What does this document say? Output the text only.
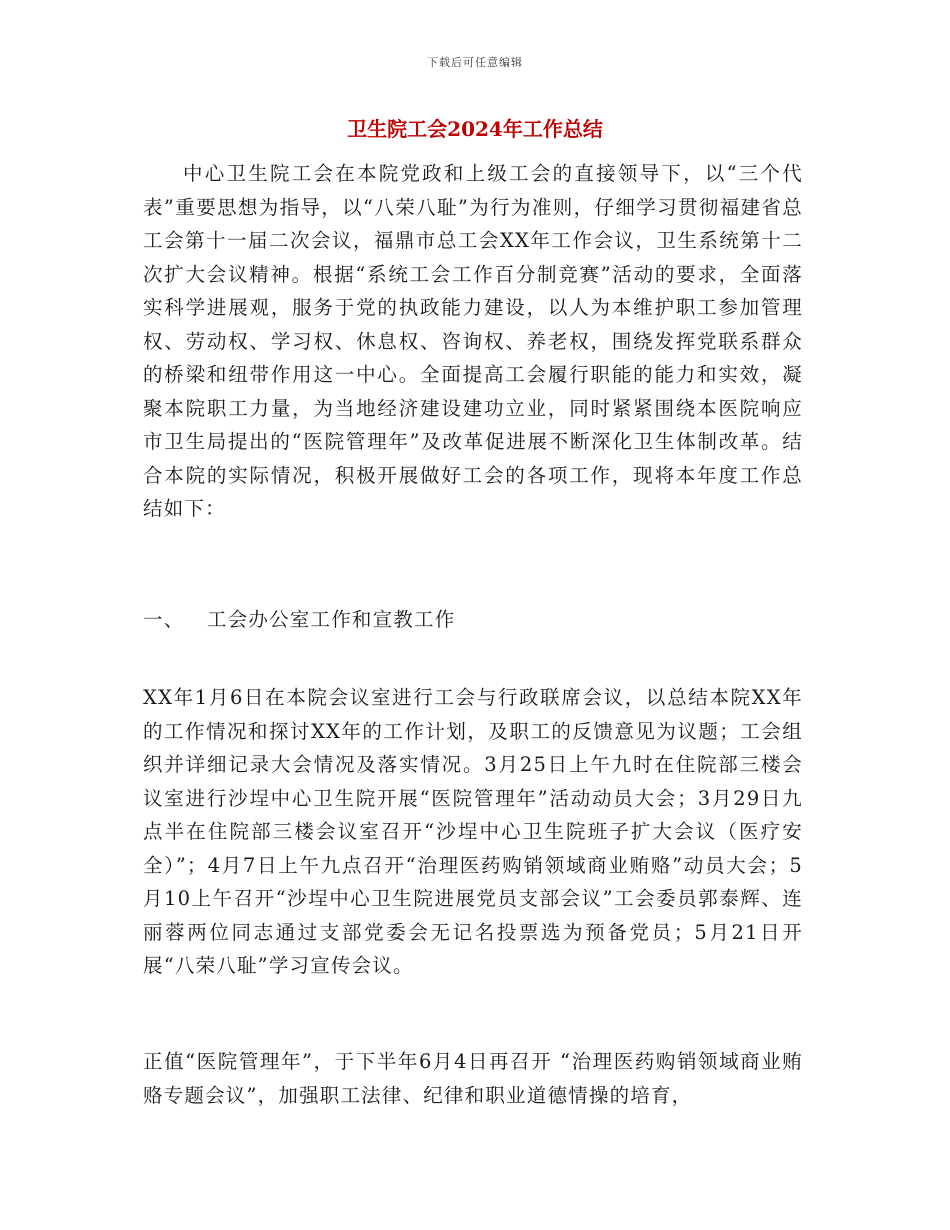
下载后可任意编辑
卫生院工会2024年工作总结

中心卫生院工会在本院党政和上级工会的直接领导下，以“三个代表”重要思想为指导，以“八荣八耻”为行为准则，仔细学习贯彻福建省总工会第十一届二次会议，福鼎市总工会XX年工作会议，卫生系统第十二次扩大会议精神。根据“系统工会工作百分制竞赛”活动的要求，全面落实科学进展观，服务于党的执政能力建设，以人为本维护职工参加管理权、劳动权、学习权、休息权、咨询权、养老权，围绕发挥党联系群众的桥梁和纽带作用这一中心。全面提高工会履行职能的能力和实效，凝聚本院职工力量，为当地经济建设建功立业，同时紧紧围绕本医院响应市卫生局提出的“医院管理年”及改革促进展不断深化卫生体制改革。结合本院的实际情况，积极开展做好工会的各项工作，现将本年度工作总结如下：

一、 工会办公室工作和宣教工作

XX年1月6日在本院会议室进行工会与行政联席会议，以总结本院XX年的工作情况和探讨XX年的工作计划，及职工的反馈意见为议题；工会组织并详细记录大会情况及落实情况。3月25日上午九时在住院部三楼会议室进行沙埕中心卫生院开展“医院管理年”活动动员大会；3月29日九点半在住院部三楼会议室召开“沙埕中心卫生院班子扩大会议（医疗安全）”；4月7日上午九点召开“治理医药购销领域商业贿赂”动员大会；5月10上午召开“沙埕中心卫生院进展党员支部会议”工会委员郭泰辉、连丽蓉两位同志通过支部党委会无记名投票选为预备党员；5月21日开展“八荣八耻”学习宣传会议。

正值“医院管理年”，于下半年6月4日再召开 “治理医药购销领域商业贿赂专题会议”，加强职工法律、纪律和职业道德情操的培育，
